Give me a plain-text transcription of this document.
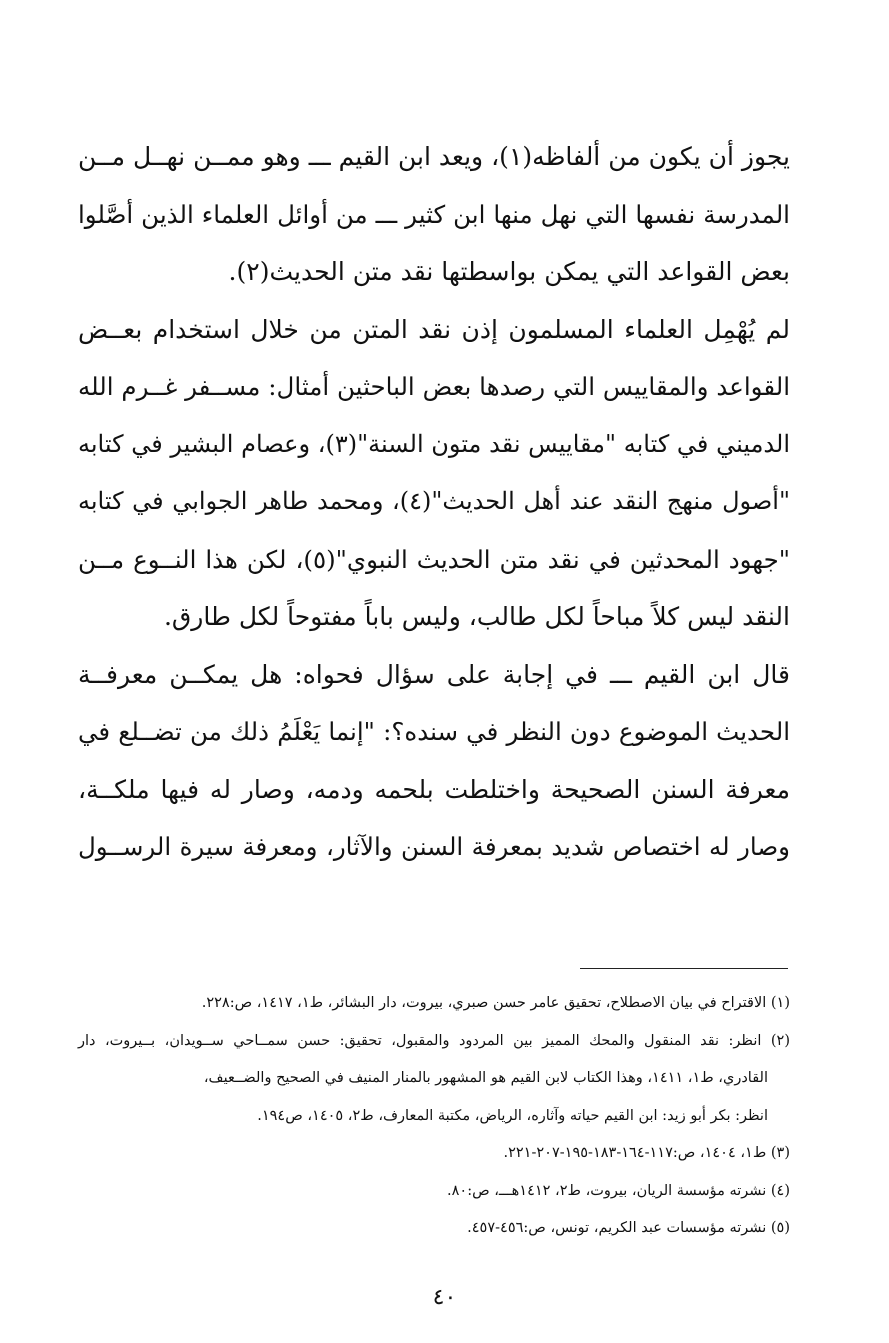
يجوز أن يكون من ألفاظه(١)، ويعد ابن القيم ـــ وهو ممــن نهــل مــن
المدرسة نفسها التي نهل منها ابن كثير ـــ من أوائل العلماء الذين أصَّلوا
بعض القواعد التي يمكن بواسطتها نقد متن الحديث(٢).
لم يُهْمِل العلماء المسلمون إذن نقد المتن من خلال استخدام بعــض
القواعد والمقاييس التي رصدها بعض الباحثين أمثال: مســفر غــرم الله
الدميني في كتابه "مقاييس نقد متون السنة"(٣)، وعصام البشير في كتابه
"أصول منهج النقد عند أهل الحديث"(٤)، ومحمد طاهر الجوابي في كتابه
"جهود المحدثين في نقد متن الحديث النبوي"(٥)، لكن هذا النــوع مــن
النقد ليس كلاً مباحاً لكل طالب، وليس باباً مفتوحاً لكل طارق.
قال ابن القيم ـــ في إجابة على سؤال فحواه: هل يمكــن معرفــة
الحديث الموضوع دون النظر في سنده؟: "إنما يَعْلَمُ ذلك من تضــلع في
معرفة السنن الصحيحة واختلطت بلحمه ودمه، وصار له فيها ملكــة،
وصار له اختصاص شديد بمعرفة السنن والآثار، ومعرفة سيرة الرســول
(١) الاقتراح في بيان الاصطلاح، تحقيق عامر حسن صبري، بيروت، دار البشائر، ط١، ١٤١٧، ص:٢٢٨.
(٢) انظر: نقد المنقول والمحك المميز بين المردود والمقبول، تحقيق: حسن سمــاحي ســويدان، بــيروت، دار
القادري، ط١، ١٤١١، وهذا الكتاب لابن القيم هو المشهور بالمنار المنيف في الصحيح والضــعيف،
انظر: بكر أبو زيد: ابن القيم حياته وآثاره، الرياض، مكتبة المعارف، ط٢، ١٤٠٥، ص١٩٤.
(٣) ط١، ١٤٠٤، ص:١١٧-١٦٤-١٨٣-١٩٥-٢٠٧-٢٢١.
(٤) نشرته مؤسسة الريان، بيروت، ط٢، ١٤١٢هـــ، ص:٨٠.
(٥) نشرته مؤسسات عبد الكريم، تونس، ص:٤٥٦-٤٥٧.
٤٠
